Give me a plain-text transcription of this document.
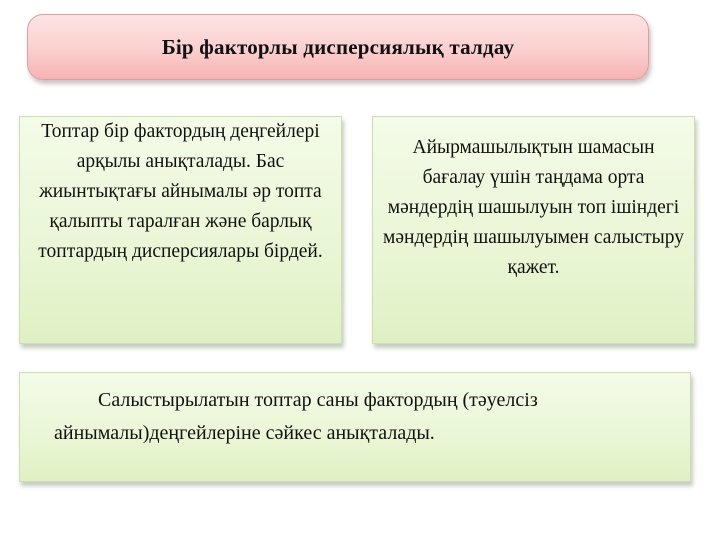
Бір факторлы дисперсиялық талдау
Топтар бір фактордың деңгейлері арқылы анықталады. Бас жиынтықтағы айнымалы әр топта қалыпты таралған және барлық топтардың дисперсиялары бірдей.
Айырмашылықтын шамасын бағалау үшін таңдама орта мәндердің шашылуын топ ішіндегі мәндердің шашылуымен салыстыру қажет.
Салыстырылатын топтар саны фактордың (тәуелсіз айнымалы)деңгейлеріне сәйкес анықталады.
